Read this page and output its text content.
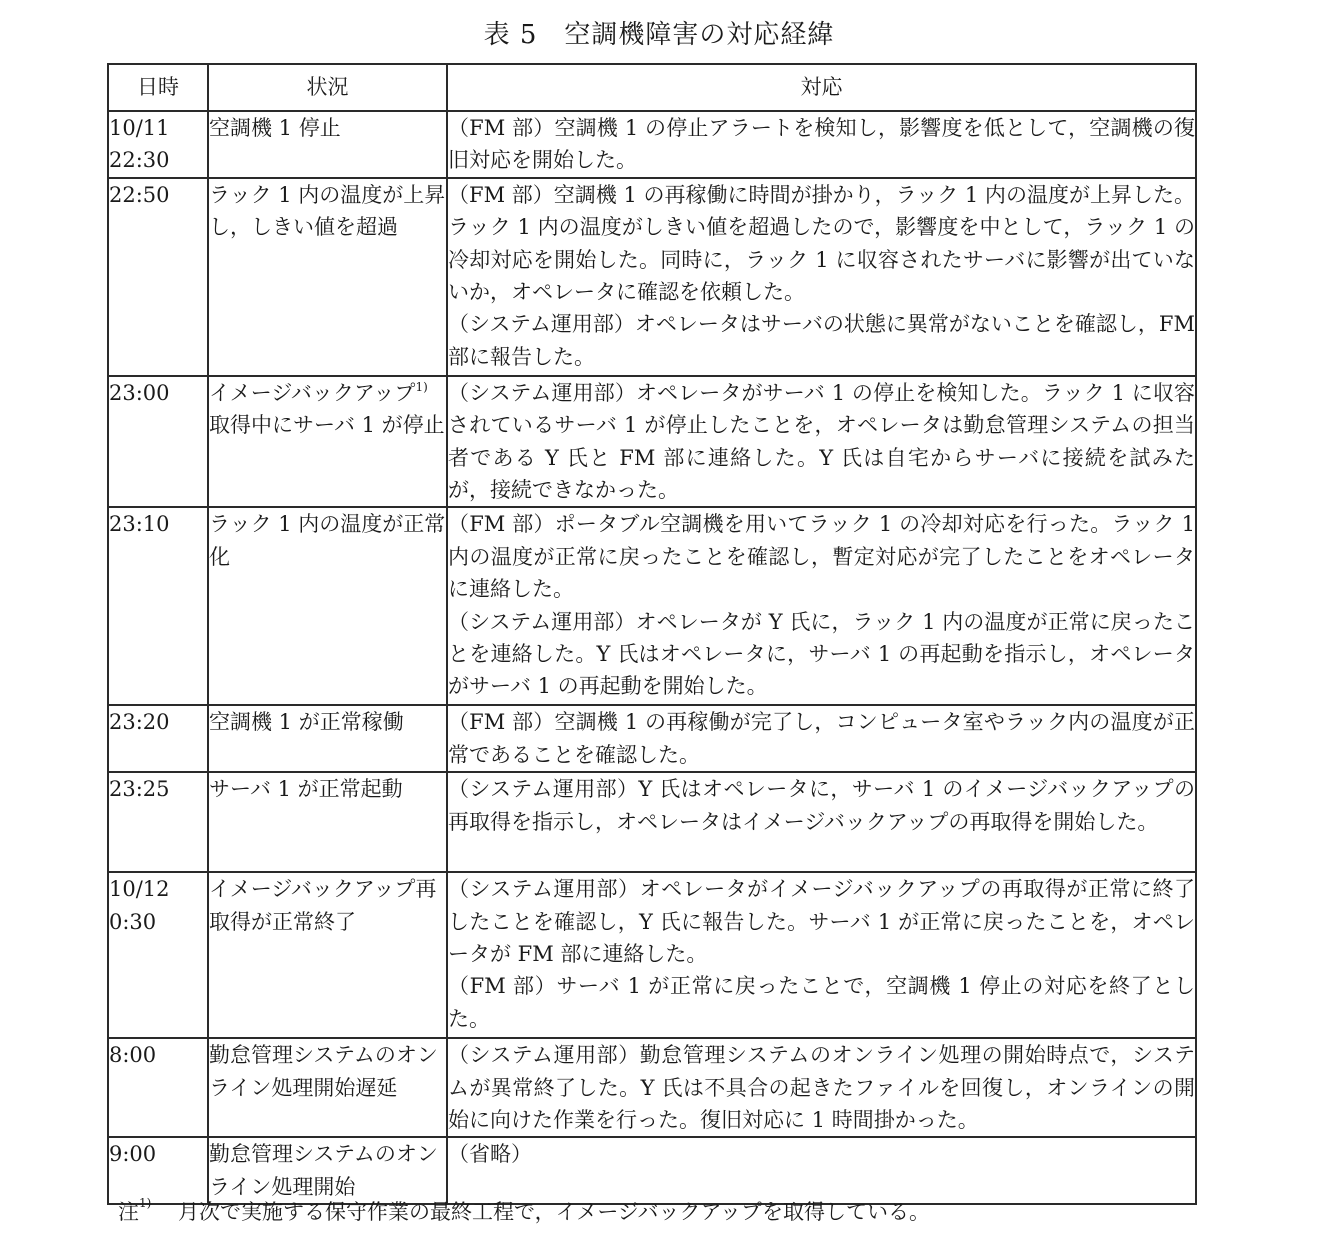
表 5　空調機障害の対応経緯
日時	状況	対応

10/11
22:30	空調機 1 停止	（FM 部）空調機 1 の停止アラートを検知し，影響度を低として，空調機の復旧対応を開始した。

22:50	ラック 1 内の温度が上昇し，しきい値を超過	（FM 部）空調機 1 の再稼働に時間が掛かり，ラック 1 内の温度が上昇した。ラック 1 内の温度がしきい値を超過したので，影響度を中として，ラック 1 の冷却対応を開始した。同時に，ラック 1 に収容されたサーバに影響が出ていないか，オペレータに確認を依頼した。
（システム運用部）オペレータはサーバの状態に異常がないことを確認し，FM 部に報告した。

23:00	イメージバックアップ$^{1)}$ 取得中にサーバ 1 が停止	（システム運用部）オペレータがサーバ 1 の停止を検知した。ラック 1 に収容されているサーバ 1 が停止したことを，オペレータは勤怠管理システムの担当者である Y 氏と FM 部に連絡した。Y 氏は自宅からサーバに接続を試みたが，接続できなかった。

23:10	ラック 1 内の温度が正常化	（FM 部）ポータブル空調機を用いてラック 1 の冷却対応を行った。ラック 1 内の温度が正常に戻ったことを確認し，暫定対応が完了したことをオペレータに連絡した。
（システム運用部）オペレータが Y 氏に，ラック 1 内の温度が正常に戻ったことを連絡した。Y 氏はオペレータに，サーバ 1 の再起動を指示し，オペレータがサーバ 1 の再起動を開始した。

23:20	空調機 1 が正常稼働	（FM 部）空調機 1 の再稼働が完了し，コンピュータ室やラック内の温度が正常であることを確認した。

23:25	サーバ 1 が正常起動	（システム運用部）Y 氏はオペレータに，サーバ 1 のイメージバックアップの再取得を指示し，オペレータはイメージバックアップの再取得を開始した。

10/12
0:30	イメージバックアップ再取得が正常終了	（システム運用部）オペレータがイメージバックアップの再取得が正常に終了したことを確認し，Y 氏に報告した。サーバ 1 が正常に戻ったことを，オペレータが FM 部に連絡した。
（FM 部）サーバ 1 が正常に戻ったことで，空調機 1 停止の対応を終了とした。

8:00	勤怠管理システムのオンライン処理開始遅延	（システム運用部）勤怠管理システムのオンライン処理の開始時点で，システムが異常終了した。Y 氏は不具合の起きたファイルを回復し，オンラインの開始に向けた作業を行った。復旧対応に 1 時間掛かった。

9:00	勤怠管理システムのオンライン処理開始	（省略）
注$^{1)}$ 月次で実施する保守作業の最終工程で，イメージバックアップを取得している。
